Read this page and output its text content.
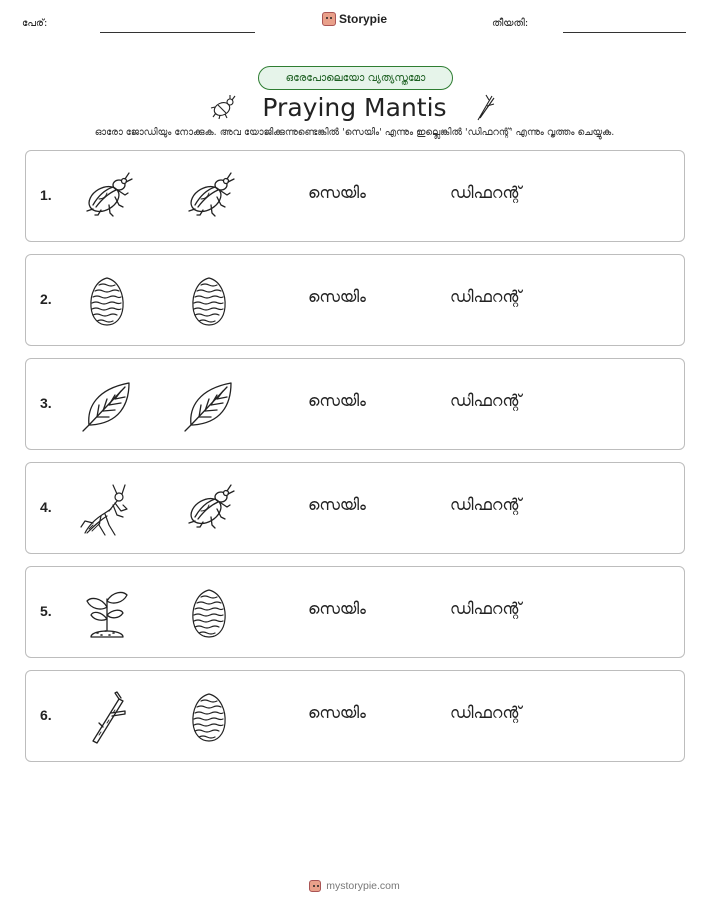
പേര്:	Storypie	തീയതി:
ഒരേപോലെയോ വ്യത്യസ്തമോ
Praying Mantis
ഓരോ ജോഡിയും നോക്കുക. അവ യോജിക്കുന്നുണ്ടെങ്കിൽ 'സെയിം' എന്നും ഇല്ലെങ്കിൽ 'ഡിഫറന്റ്' എന്നും വൃത്തം ചെയ്യുക.
1.	സെയിം	ഡിഫറന്റ്
2.	സെയിം	ഡിഫറന്റ്
3.	സെയിം	ഡിഫറന്റ്
4.	സെയിം	ഡിഫറന്റ്
5.	സെയിം	ഡിഫറന്റ്
6.	സെയിം	ഡിഫറന്റ്
mystorypie.com
